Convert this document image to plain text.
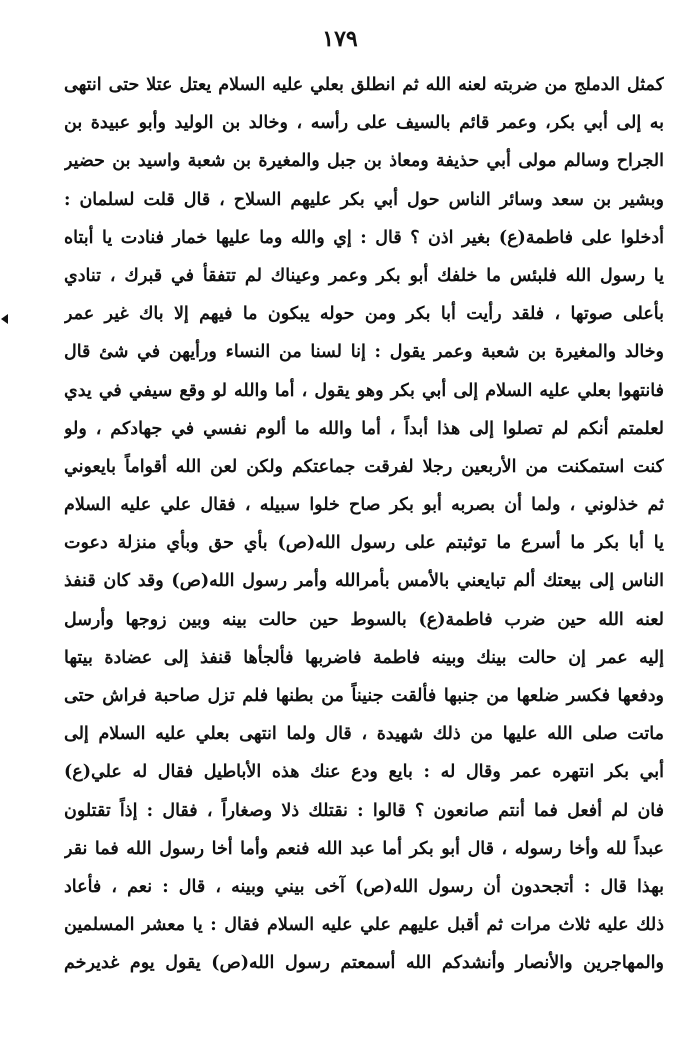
١٧٩
كمثل الدملج من ضربته لعنه الله ثم انطلق بعلي عليه السلام يعتل عتلا حتى انتهى
به إلى أبي بكر، وعمر قائم بالسيف على رأسه ، وخالد بن الوليد وأبو عبيدة بن
الجراح وسالم مولى أبي حذيفة ومعاذ بن جبل والمغيرة بن شعبة واسيد بن حضير
وبشير بن سعد وسائر الناس حول أبي بكر عليهم السلاح ، قال قلت لسلمان :
أدخلوا على فاطمة(ع) بغير اذن ؟ قال : إي والله وما عليها خمار فنادت يا أبتاه
يا رسول الله فلبئس ما خلفك أبو بكر وعمر وعيناك لم تتفقأ في قبرك ، تنادي
بأعلى صوتها ، فلقد رأيت أبا بكر ومن حوله يبكون ما فيهم إلا باك غير عمر
وخالد والمغيرة بن شعبة وعمر يقول : إنا لسنا من النساء ورأيهن في شئ قال
فانتهوا بعلي عليه السلام إلى أبي بكر وهو يقول ، أما والله لو وقع سيفي في يدي
لعلمتم أنكم لم تصلوا إلى هذا أبداً ، أما والله ما ألوم نفسي في جهادكم ، ولو
كنت استمكنت من الأربعين رجلا لفرقت جماعتكم ولكن لعن الله أقواماً بايعوني
ثم خذلوني ، ولما أن بصربه أبو بكر صاح خلوا سبيله ، فقال علي عليه السلام
يا أبا بكر ما أسرع ما توثبتم على رسول الله(ص) بأي حق وبأي منزلة دعوت
الناس إلى بيعتك ألم تبايعني بالأمس بأمرالله وأمر رسول الله(ص) وقد كان قنفذ
لعنه الله حين ضرب فاطمة(ع) بالسوط حين حالت بينه وبين زوجها وأرسل
إليه عمر إن حالت بينك وبينه فاطمة فاضربها فألجأها قنفذ إلى عضادة بيتها
ودفعها فكسر ضلعها من جنبها فألقت جنيناً من بطنها فلم تزل صاحبة فراش حتى
ماتت صلى الله عليها من ذلك شهيدة ، قال ولما انتهى بعلي عليه السلام إلى
أبي بكر انتهره عمر وقال له : بايع ودع عنك هذه الأباطيل فقال له علي(ع)
فان لم أفعل فما أنتم صانعون ؟ قالوا : نقتلك ذلا وصغاراً ، فقال : إذاً تقتلون
عبداً لله وأخا رسوله ، قال أبو بكر أما عبد الله فنعم وأما أخا رسول الله فما نقر
بهذا قال : أتجحدون أن رسول الله(ص) آخى بيني وبينه ، قال : نعم ، فأعاد
ذلك عليه ثلاث مرات ثم أقبل عليهم علي عليه السلام فقال : يا معشر المسلمين
والمهاجرين والأنصار وأنشدكم الله أسمعتم رسول الله(ص) يقول يوم غديرخم
